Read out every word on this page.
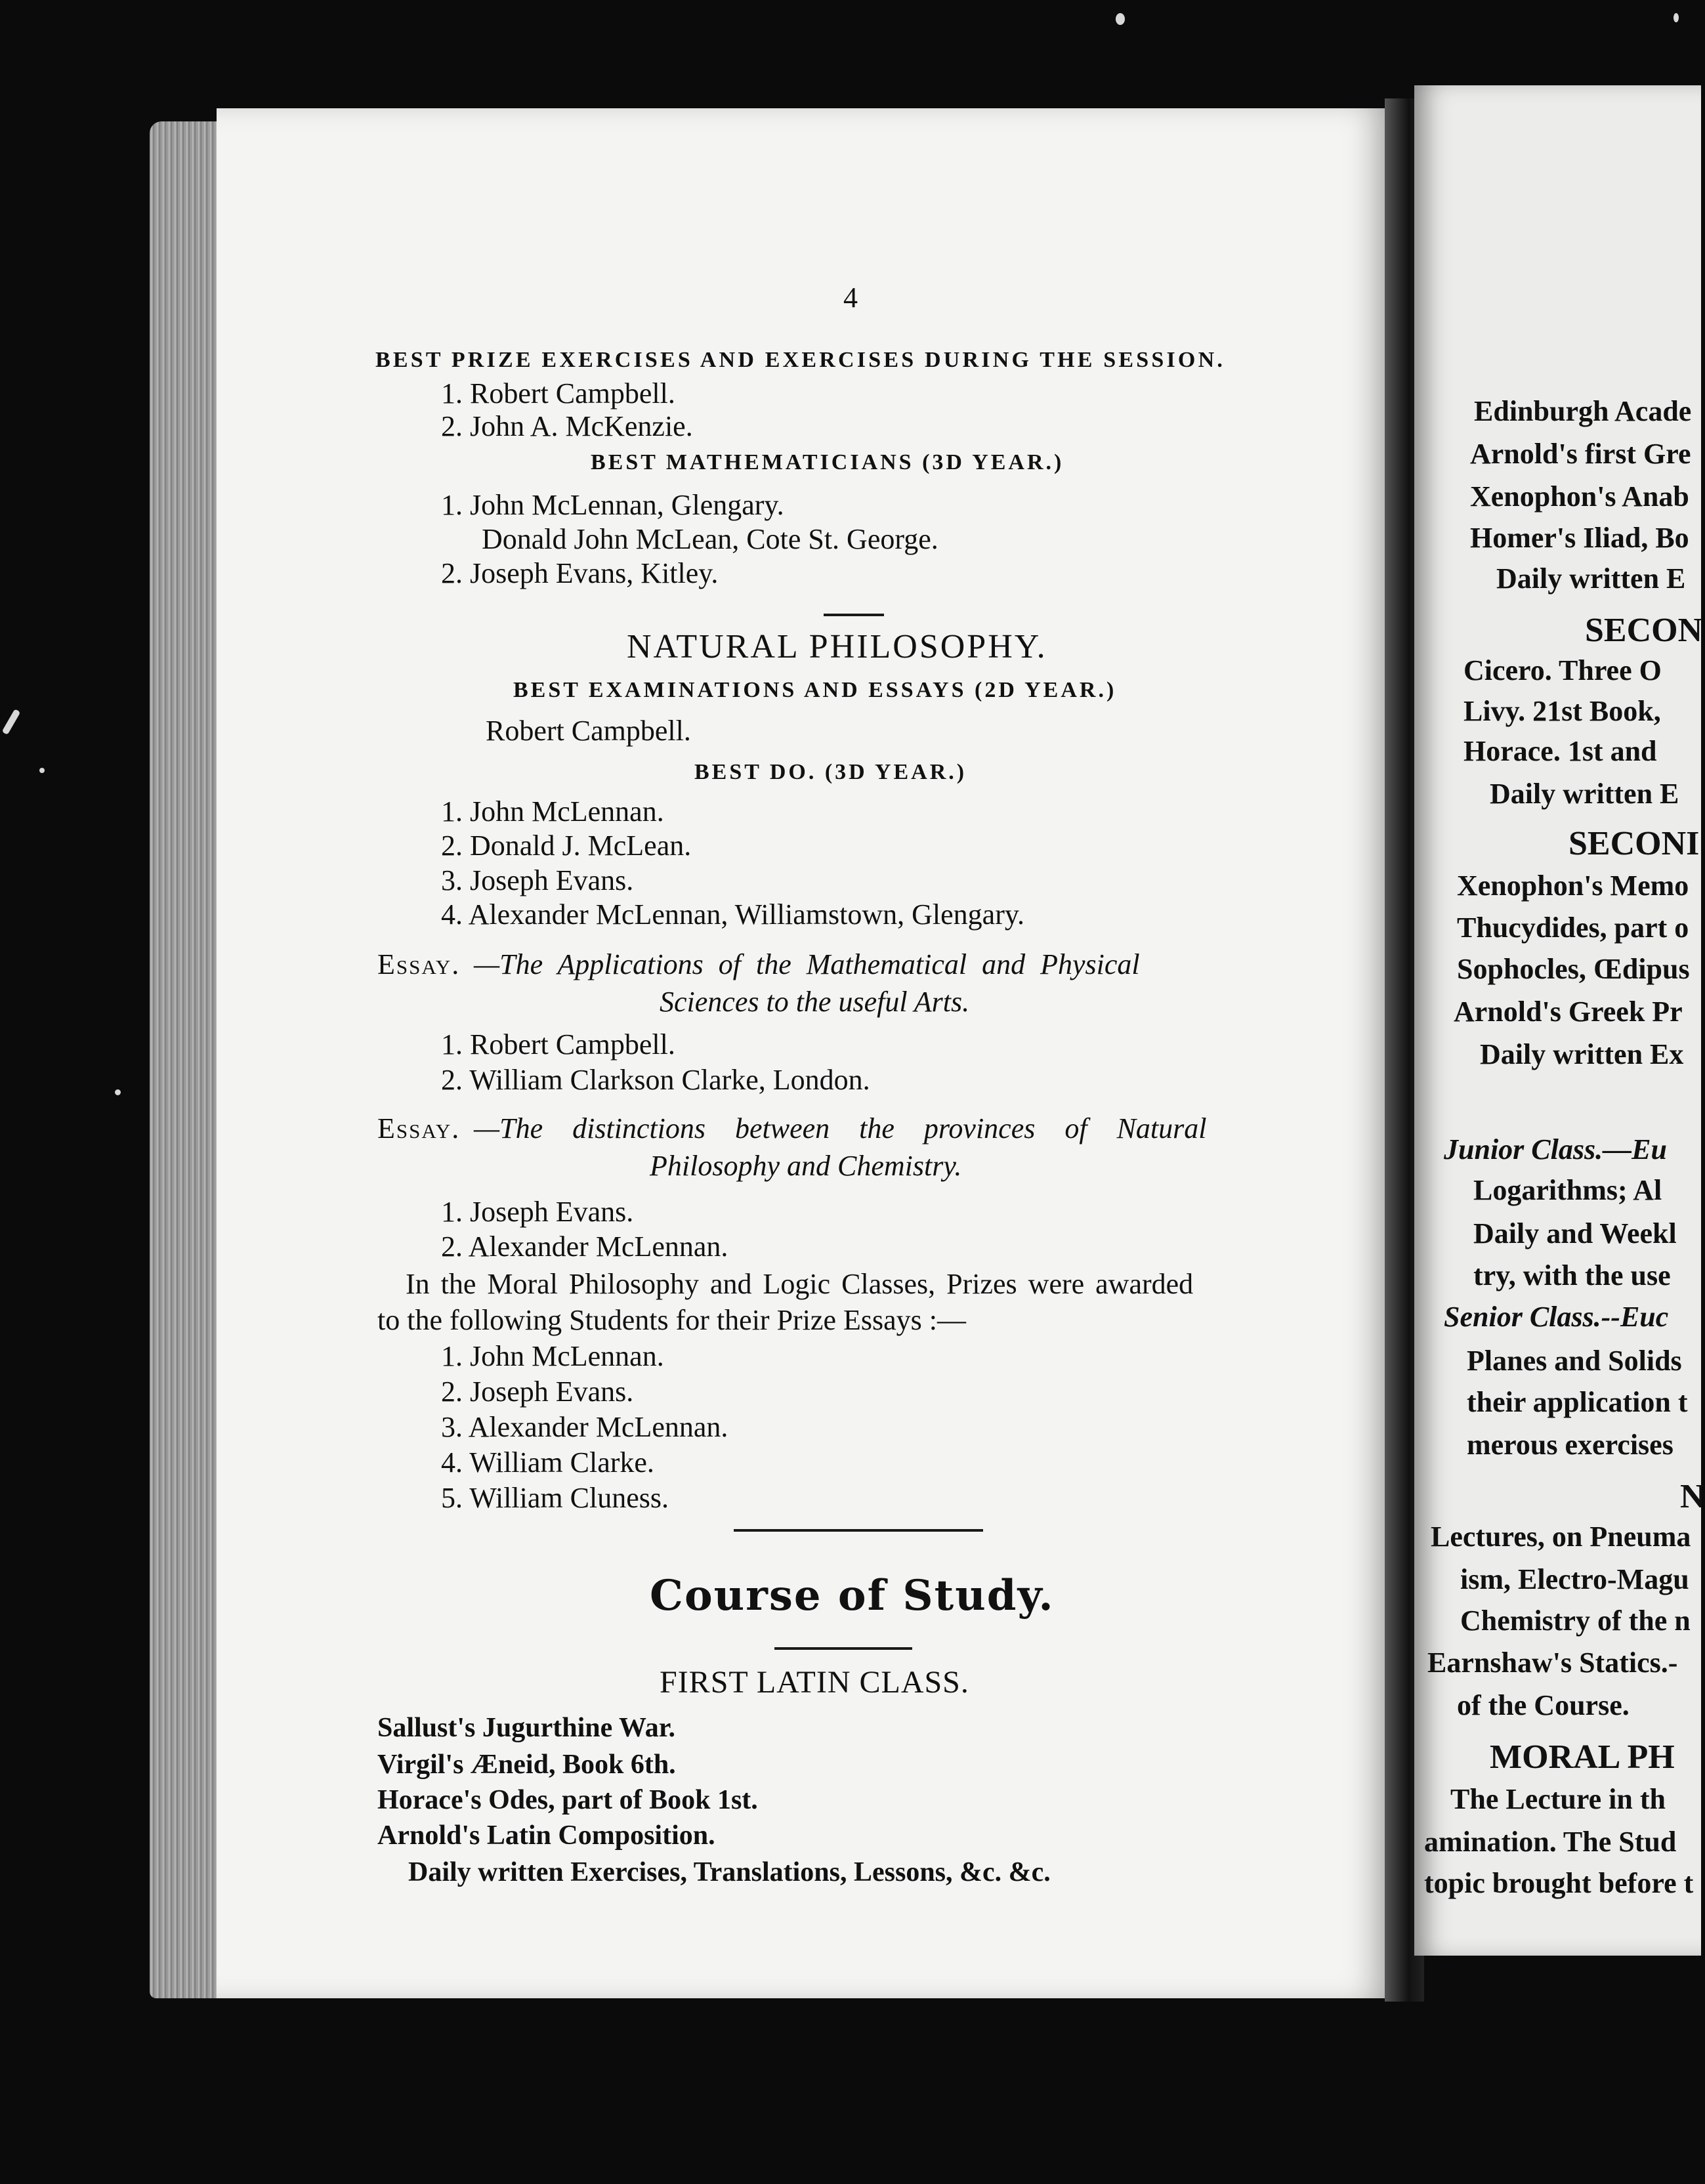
4
BEST PRIZE EXERCISES AND EXERCISES DURING THE SESSION.
1. Robert Campbell.
2. John A. McKenzie.
BEST MATHEMATICIANS (3D YEAR.)
1. John McLennan, Glengary.
Donald John McLean, Cote St. George.
2. Joseph Evans, Kitley.
NATURAL PHILOSOPHY.
BEST EXAMINATIONS AND ESSAYS (2D YEAR.)
Robert Campbell.
BEST DO. (3D YEAR.)
1. John McLennan.
2. Donald J. McLean.
3. Joseph Evans.
4. Alexander McLennan, Williamstown, Glengary.
Essay. —The Applications of the Mathematical and Physical
Sciences to the useful Arts.
1. Robert Campbell.
2. William Clarkson Clarke, London.
Essay. —The distinctions between the provinces of Natural
Philosophy and Chemistry.
1. Joseph Evans.
2. Alexander McLennan.
In the Moral Philosophy and Logic Classes, Prizes were awarded
to the following Students for their Prize Essays :—
1. John McLennan.
2. Joseph Evans.
3. Alexander McLennan.
4. William Clarke.
5. William Cluness.
Course of Study.
FIRST LATIN CLASS.
Sallust's Jugurthine War.
Virgil's Æneid, Book 6th.
Horace's Odes, part of Book 1st.
Arnold's Latin Composition.
Daily written Exercises, Translations, Lessons, &c. &c.
Edinburgh Acade
Arnold's first Gre
Xenophon's Anab
Homer's Iliad, Bo
Daily written E
SECON
Cicero. Three O
Livy. 21st Book,
Horace. 1st and
Daily written E
SECONI
Xenophon's Memo
Thucydides, part o
Sophocles, Œdipus
Arnold's Greek Pr
Daily written Ex
Junior Class.—Eu
Logarithms; Al
Daily and Weekl
try, with the use
Senior Class.--Euc
Planes and Solids
their application t
merous exercises
N
Lectures, on Pneuma
ism, Electro-Magu
Chemistry of the n
Earnshaw's Statics.-
of the Course.
MORAL PH
The Lecture in th
amination. The Stud
topic brought before t
